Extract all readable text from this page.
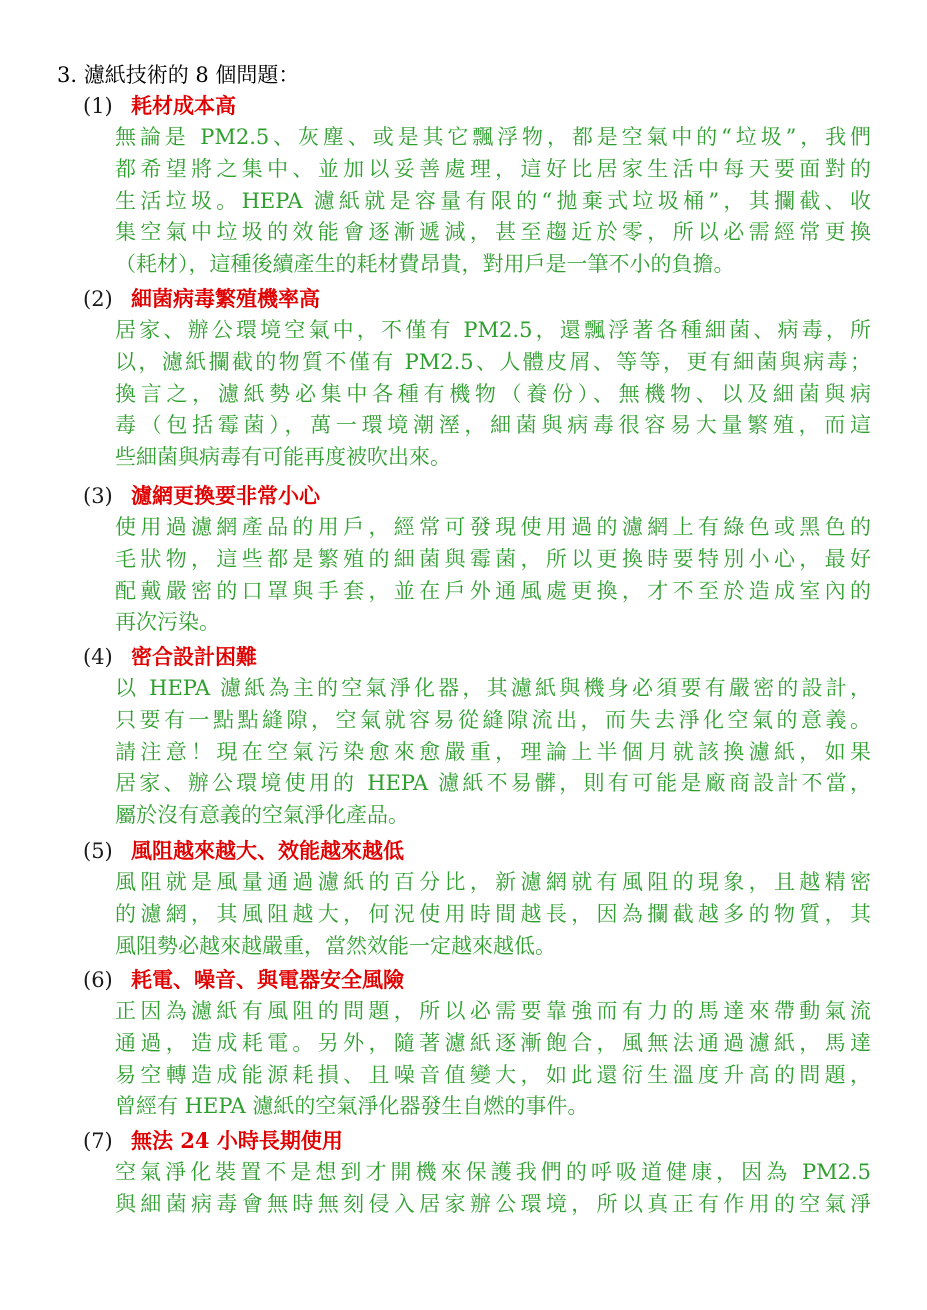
3. 濾紙技術的 8 個問題：
(1) 耗材成本高
無論是 PM2.5、灰塵、或是其它飄浮物，都是空氣中的“垃圾”，我們
都希望將之集中、並加以妥善處理，這好比居家生活中每天要面對的
生活垃圾。HEPA 濾紙就是容量有限的“拋棄式垃圾桶”，其攔截、收
集空氣中垃圾的效能會逐漸遞減，甚至趨近於零，所以必需經常更換
（耗材），這種後續產生的耗材費昂貴，對用戶是一筆不小的負擔。
(2) 細菌病毒繁殖機率高
居家、辦公環境空氣中，不僅有 PM2.5，還飄浮著各種細菌、病毒，所
以，濾紙攔截的物質不僅有 PM2.5、人體皮屑、等等，更有細菌與病毒；
換言之，濾紙勢必集中各種有機物（養份）、無機物、以及細菌與病
毒（包括霉菌），萬一環境潮溼，細菌與病毒很容易大量繁殖，而這
些細菌與病毒有可能再度被吹出來。
(3) 濾網更換要非常小心
使用過濾網產品的用戶，經常可發現使用過的濾網上有綠色或黑色的
毛狀物，這些都是繁殖的細菌與霉菌，所以更換時要特別小心，最好
配戴嚴密的口罩與手套，並在戶外通風處更換，才不至於造成室內的
再次污染。
(4) 密合設計困難
以 HEPA 濾紙為主的空氣淨化器，其濾紙與機身必須要有嚴密的設計，
只要有一點點縫隙，空氣就容易從縫隙流出，而失去淨化空氣的意義。
請注意！現在空氣污染愈來愈嚴重，理論上半個月就該換濾紙，如果
居家、辦公環境使用的 HEPA 濾紙不易髒，則有可能是廠商設計不當，
屬於沒有意義的空氣淨化產品。
(5) 風阻越來越大、效能越來越低
風阻就是風量通過濾紙的百分比，新濾網就有風阻的現象，且越精密
的濾網，其風阻越大，何況使用時間越長，因為攔截越多的物質，其
風阻勢必越來越嚴重，當然效能一定越來越低。
(6) 耗電、噪音、與電器安全風險
正因為濾紙有風阻的問題，所以必需要靠強而有力的馬達來帶動氣流
通過，造成耗電。另外，隨著濾紙逐漸飽合，風無法通過濾紙，馬達
易空轉造成能源耗損、且噪音值變大，如此還衍生溫度升高的問題，
曾經有 HEPA 濾紙的空氣淨化器發生自燃的事件。
(7) 無法 24 小時長期使用
空氣淨化裝置不是想到才開機來保護我們的呼吸道健康，因為 PM2.5
與細菌病毒會無時無刻侵入居家辦公環境，所以真正有作用的空氣淨
